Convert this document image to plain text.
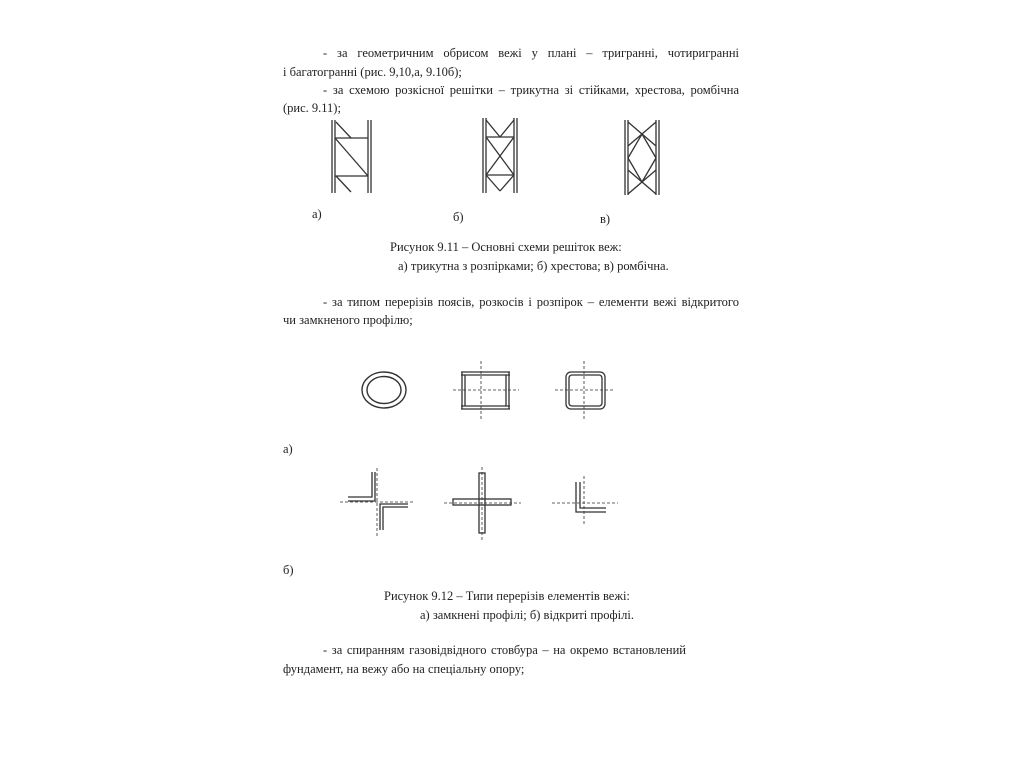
- за геометричним обрисом вежі у плані – тригранні, чотиригранні
і багатогранні (рис. 9,10,а, 9.10б);
- за схемою розкісної решітки – трикутна зі стійками, хрестова, ромбічна
(рис. 9.11);
а)	б)	в)
Рисунок 9.11 – Основні схеми решіток веж:
а) трикутна з розпірками; б) хрестова; в) ромбічна.
- за типом перерізів поясів, розкосів і розпірок – елементи вежі відкритого
чи замкненого профілю;
а)
б)
Рисунок 9.12 – Типи перерізів елементів вежі:
а) замкнені профілі; б) відкриті профілі.
- за спиранням газовідвідного стовбура – на окремо встановлений
фундамент, на вежу або на спеціальну опору;
